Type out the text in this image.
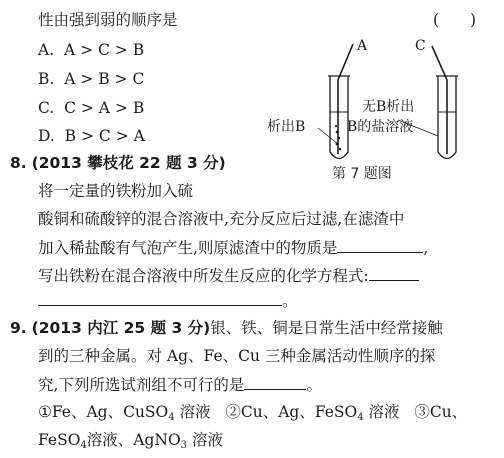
性由强到弱的顺序是	(　　)
A. A > C > B
B. A > B > C
C. C > A > B
D. B > C > A
A	C
无B析出
析出B	B的盐溶液
第 7 题图
8. (2013 攀枝花 22 题 3 分)
将一定量的铁粉加入硫
酸铜和硫酸锌的混合溶液中,充分反应后过滤,在滤渣中
加入稀盐酸有气泡产生,则原滤渣中的物质是	,
写出铁粉在混合溶液中所发生反应的化学方程式:
。
9. (2013 内江 25 题 3 分)银、铁、铜是日常生活中经常接触
到的三种金属。对 Ag、Fe、Cu 三种金属活动性顺序的探
究,下列所选试剂组不可行的是	。
①Fe、Ag、CuSO$_4$ 溶液 ②Cu、Ag、FeSO$_4$ 溶液 ③Cu、
FeSO$_4$溶液、AgNO$_3$ 溶液
